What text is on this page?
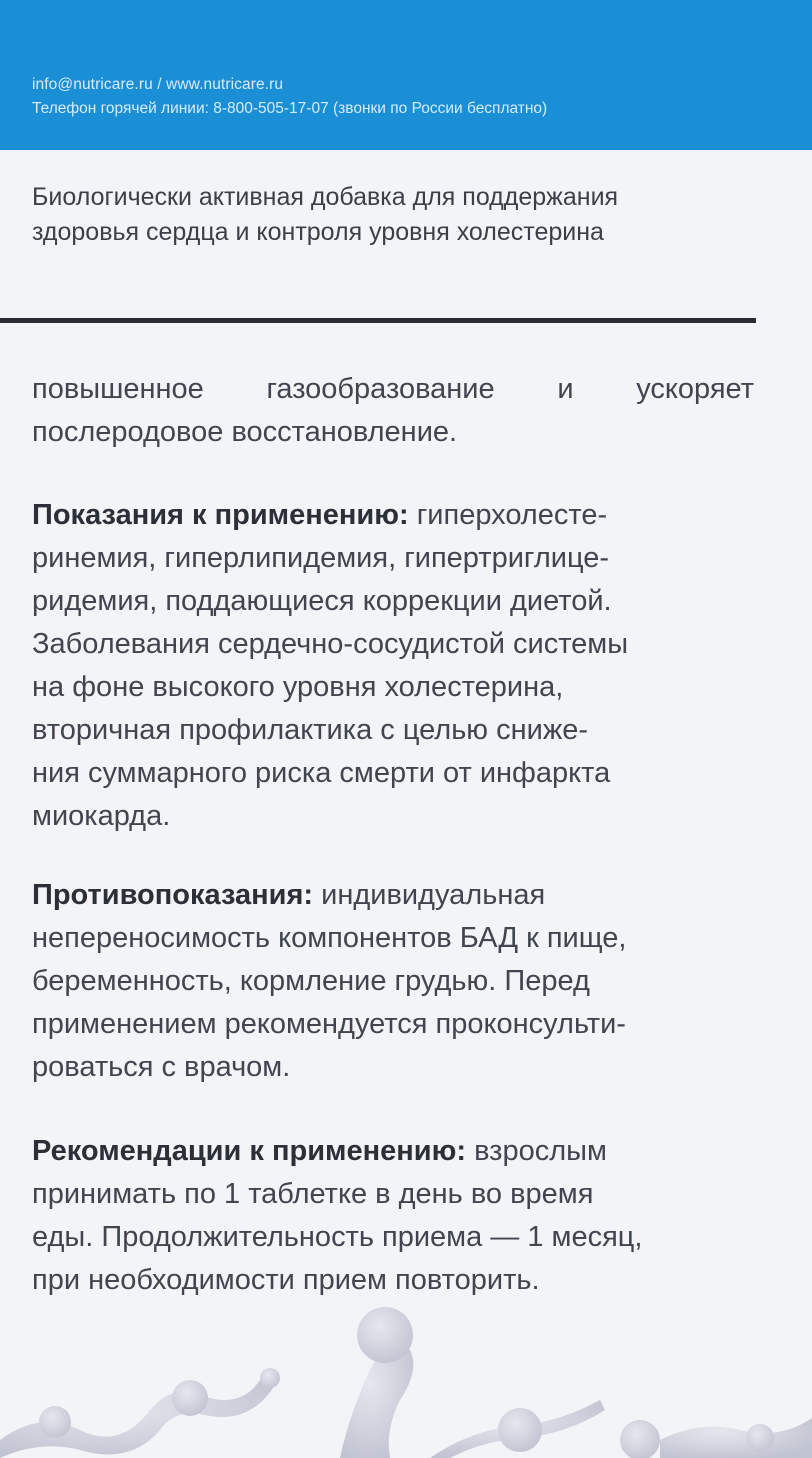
info@nutricare.ru / www.nutricare.ru
Телефон горячей линии: 8-800-505-17-07 (звонки по России бесплатно)
Биологически активная добавка для поддержания
здоровья сердца и контроля уровня холестерина
повышенное газообразование и ускоряет
послеродовое восстановление.
Показания к применению: гиперхолесте-
ринемия, гиперлипидемия, гипертриглице-
ридемия, поддающиеся коррекции диетой.
Заболевания сердечно-сосудистой системы
на фоне высокого уровня холестерина,
вторичная профилактика с целью сниже-
ния суммарного риска смерти от инфаркта
миокарда.
Противопоказания: индивидуальная
непереносимость компонентов БАД к пище,
беременность, кормление грудью. Перед
применением рекомендуется проконсульти-
роваться с врачом.
Рекомендации к применению: взрослым
принимать по 1 таблетке в день во время
еды. Продолжительность приема — 1 месяц,
при необходимости прием повторить.
